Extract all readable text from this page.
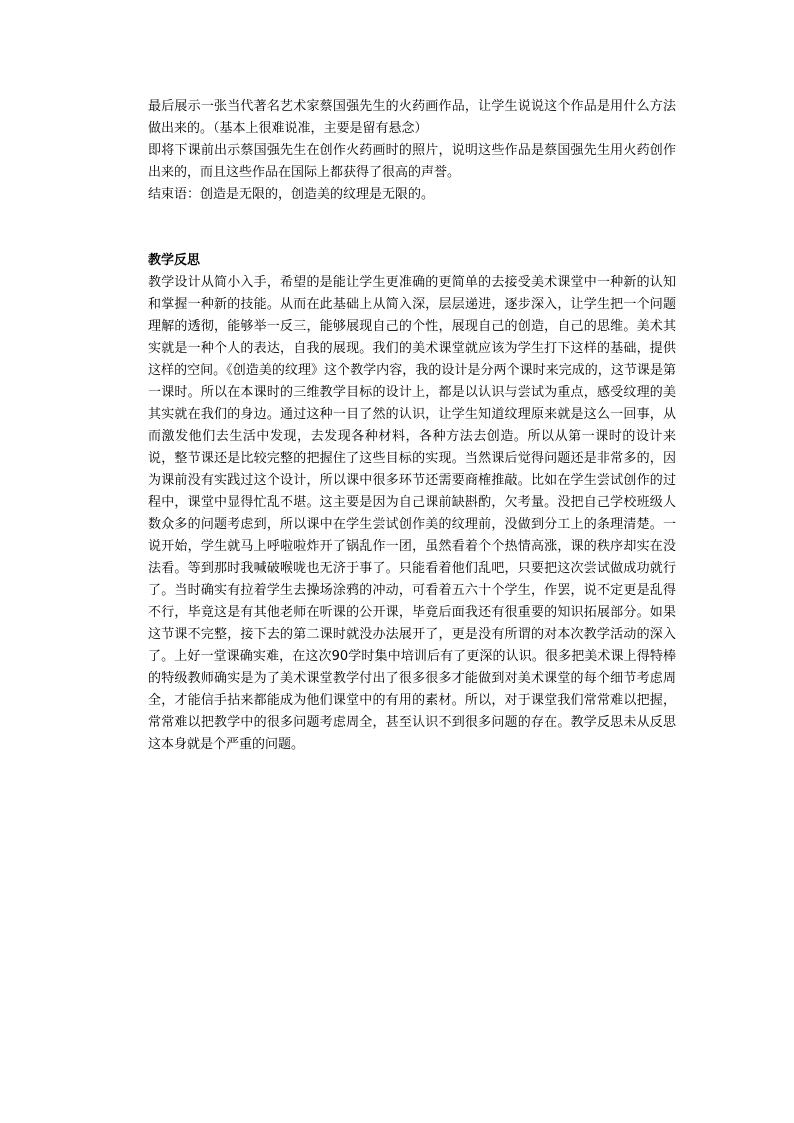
最后展示一张当代著名艺术家蔡国强先生的火药画作品，让学生说说这个作品是用什么方法做出来的。（基本上很难说准，主要是留有悬念）

即将下课前出示蔡国强先生在创作火药画时的照片，说明这些作品是蔡国强先生用火药创作出来的，而且这些作品在国际上都获得了很高的声誉。

结束语：创造是无限的，创造美的纹理是无限的。

教学反思

教学设计从简小入手，希望的是能让学生更准确的更简单的去接受美术课堂中一种新的认知和掌握一种新的技能。从而在此基础上从简入深，层层递进，逐步深入，让学生把一个问题理解的透彻，能够举一反三，能够展现自己的个性，展现自己的创造，自己的思维。美术其实就是一种个人的表达，自我的展现。我们的美术课堂就应该为学生打下这样的基础，提供这样的空间。《创造美的纹理》这个教学内容，我的设计是分两个课时来完成的，这节课是第一课时。所以在本课时的三维教学目标的设计上，都是以认识与尝试为重点，感受纹理的美其实就在我们的身边。通过这种一目了然的认识，让学生知道纹理原来就是这么一回事，从而激发他们去生活中发现，去发现各种材料，各种方法去创造。所以从第一课时的设计来说，整节课还是比较完整的把握住了这些目标的实现。当然课后觉得问题还是非常多的，因为课前没有实践过这个设计，所以课中很多环节还需要商榷推敲。比如在学生尝试创作的过程中，课堂中显得忙乱不堪。这主要是因为自己课前缺斟酌，欠考量。没把自己学校班级人数众多的问题考虑到，所以课中在学生尝试创作美的纹理前，没做到分工上的条理清楚。一说开始，学生就马上呼啦啦炸开了锅乱作一团，虽然看着个个热情高涨，课的秩序却实在没法看。等到那时我喊破喉咙也无济于事了。只能看着他们乱吧，只要把这次尝试做成功就行了。当时确实有拉着学生去操场涂鸦的冲动，可看着五六十个学生，作罢，说不定更是乱得不行，毕竟这是有其他老师在听课的公开课，毕竟后面我还有很重要的知识拓展部分。如果这节课不完整，接下去的第二课时就没办法展开了，更是没有所谓的对本次教学活动的深入了。上好一堂课确实难，在这次90学时集中培训后有了更深的认识。很多把美术课上得特棒的特级教师确实是为了美术课堂教学付出了很多很多才能做到对美术课堂的每个细节考虑周全，才能信手拈来都能成为他们课堂中的有用的素材。所以，对于课堂我们常常难以把握，常常难以把教学中的很多问题考虑周全，甚至认识不到很多问题的存在。教学反思未从反思这本身就是个严重的问题。
